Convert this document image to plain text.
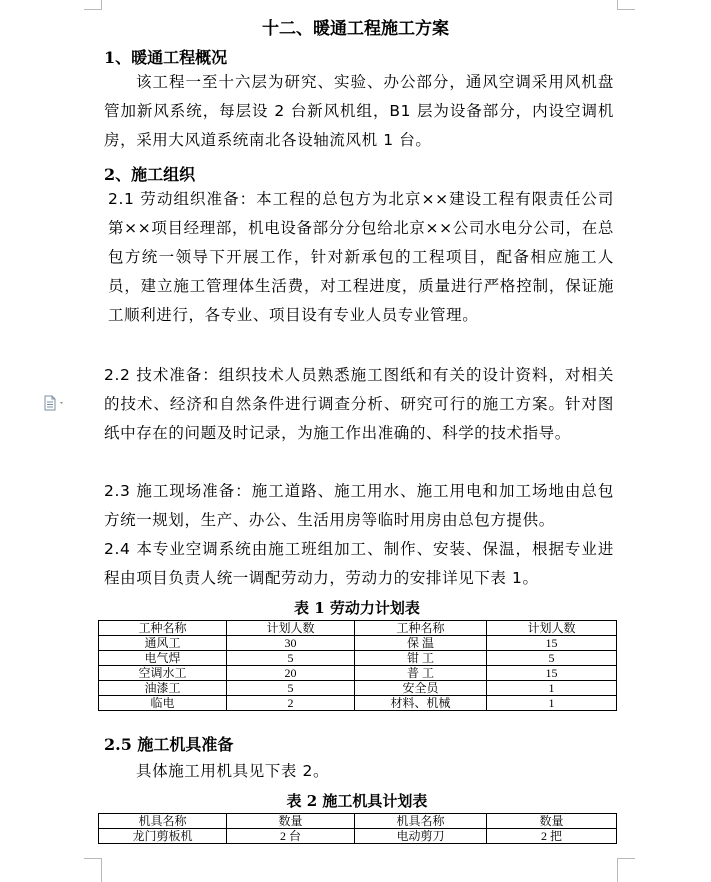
十二、暖通工程施工方案
1、暖通工程概况
该工程一至十六层为研究、实验、办公部分，通风空调采用风机盘管加新风系统，每层设 2 台新风机组，B1 层为设备部分，内设空调机房，采用大风道系统南北各设轴流风机 1 台。
2、施工组织
2.1 劳动组织准备：本工程的总包方为北京××建设工程有限责任公司第××项目经理部，机电设备部分分包给北京××公司水电分公司，在总包方统一领导下开展工作，针对新承包的工程项目，配备相应施工人员，建立施工管理体生活费，对工程进度，质量进行严格控制，保证施工顺利进行，各专业、项目设有专业人员专业管理。
2.2 技术准备：组织技术人员熟悉施工图纸和有关的设计资料，对相关的技术、经济和自然条件进行调查分析、研究可行的施工方案。针对图纸中存在的问题及时记录，为施工作出准确的、科学的技术指导。
2.3 施工现场准备：施工道路、施工用水、施工用电和加工场地由总包方统一规划，生产、办公、生活用房等临时用房由总包方提供。
2.4 本专业空调系统由施工班组加工、制作、安装、保温，根据专业进程由项目负责人统一调配劳动力，劳动力的安排详见下表 1。
表 1 劳动力计划表
工种名称	计划人数	工种名称	计划人数
通风工	30	保 温	15
电气焊	5	钳 工	5
空调水工	20	普 工	15
油漆工	5	安全员	1
临电	2	材料、机械	1
2.5 施工机具准备
具体施工用机具见下表 2。
表 2 施工机具计划表
机具名称	数量	机具名称	数量
龙门剪板机	2 台	电动剪刀	2 把
